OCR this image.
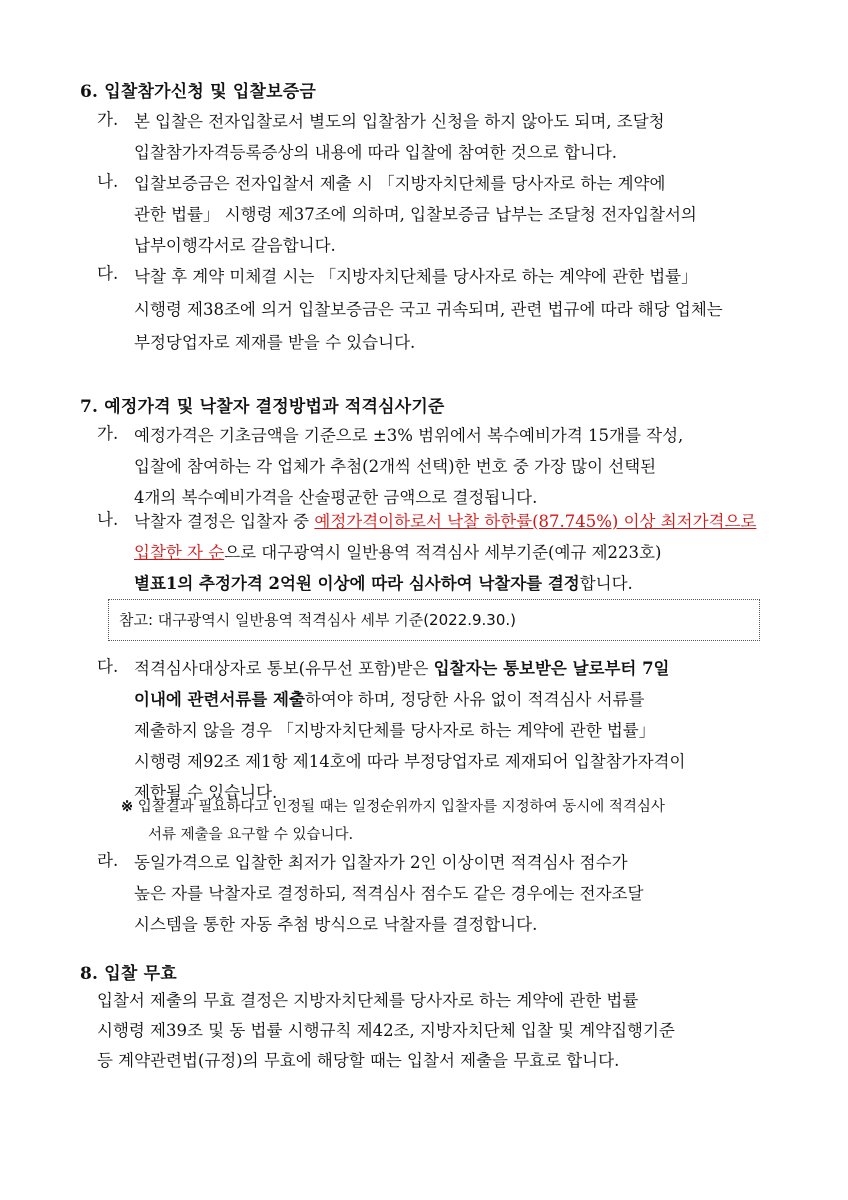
6. 입찰참가신청 및 입찰보증금
가. 본 입찰은 전자입찰로서 별도의 입찰참가 신청을 하지 않아도 되며, 조달청
입찰참가자격등록증상의 내용에 따라 입찰에 참여한 것으로 합니다.
나. 입찰보증금은 전자입찰서 제출 시 「지방자치단체를 당사자로 하는 계약에
관한 법률」 시행령 제37조에 의하며, 입찰보증금 납부는 조달청 전자입찰서의
납부이행각서로 갈음합니다.
다. 낙찰 후 계약 미체결 시는 「지방자치단체를 당사자로 하는 계약에 관한 법률」
시행령 제38조에 의거 입찰보증금은 국고 귀속되며, 관련 법규에 따라 해당 업체는
부정당업자로 제재를 받을 수 있습니다.
7. 예정가격 및 낙찰자 결정방법과 적격심사기준
가. 예정가격은 기초금액을 기준으로 ±3% 범위에서 복수예비가격 15개를 작성,
입찰에 참여하는 각 업체가 추첨(2개씩 선택)한 번호 중 가장 많이 선택된
4개의 복수예비가격을 산술평균한 금액으로 결정됩니다.
나. 낙찰자 결정은 입찰자 중 예정가격이하로서 낙찰 하한률(87.745%) 이상 최저가격으로
입찰한 자 순으로 대구광역시 일반용역 적격심사 세부기준(예규 제223호)
별표1의 추정가격 2억원 이상에 따라 심사하여 낙찰자를 결정합니다.
참고: 대구광역시 일반용역 적격심사 세부 기준(2022.9.30.)
다. 적격심사대상자로 통보(유무선 포함)받은 입찰자는 통보받은 날로부터 7일
이내에 관련서류를 제출하여야 하며, 정당한 사유 없이 적격심사 서류를
제출하지 않을 경우 「지방자치단체를 당사자로 하는 계약에 관한 법률」
시행령 제92조 제1항 제14호에 따라 부정당업자로 제재되어 입찰참가자격이
제한될 수 있습니다.
※ 입찰결과 필요하다고 인정될 때는 일정순위까지 입찰자를 지정하여 동시에 적격심사
서류 제출을 요구할 수 있습니다.
라. 동일가격으로 입찰한 최저가 입찰자가 2인 이상이면 적격심사 점수가
높은 자를 낙찰자로 결정하되, 적격심사 점수도 같은 경우에는 전자조달
시스템을 통한 자동 추첨 방식으로 낙찰자를 결정합니다.
8. 입찰 무효
입찰서 제출의 무효 결정은 지방자치단체를 당사자로 하는 계약에 관한 법률
시행령 제39조 및 동 법률 시행규칙 제42조, 지방자치단체 입찰 및 계약집행기준
등 계약관련법(규정)의 무효에 해당할 때는 입찰서 제출을 무효로 합니다.
